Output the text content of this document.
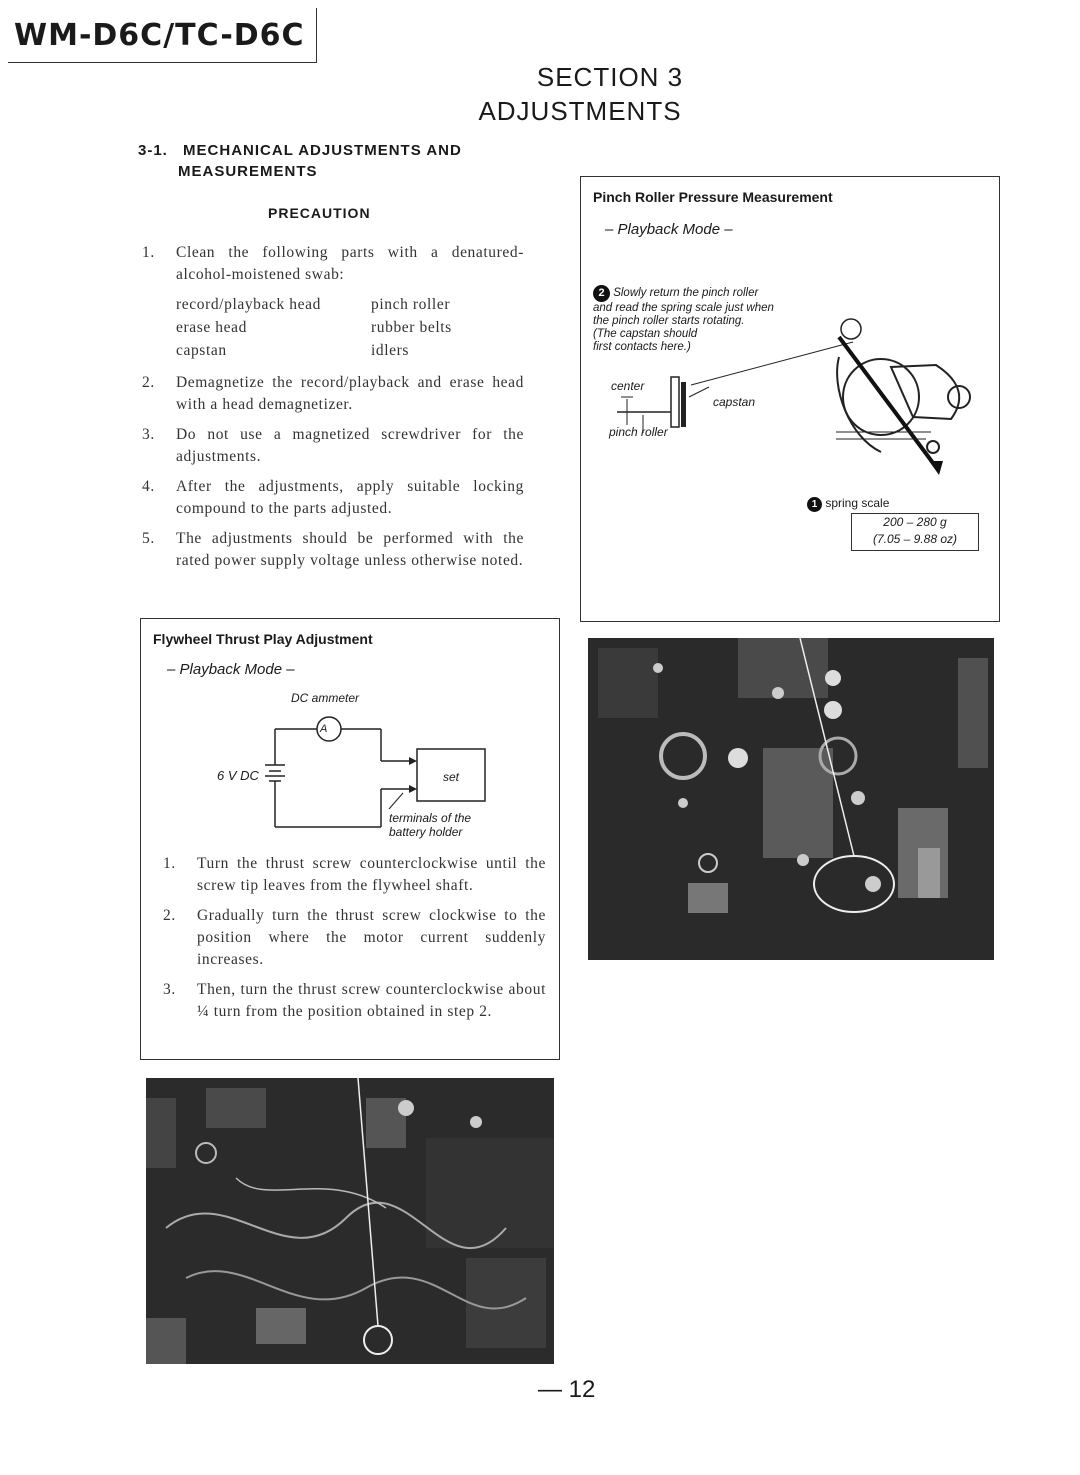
WM-D6C/TC-D6C
SECTION 3
ADJUSTMENTS
3-1. MECHANICAL ADJUSTMENTS AND
MEASUREMENTS
PRECAUTION
1. Clean the following parts with a denatured-alcohol-moistened swab:
record/playback head	pinch roller
erase head	rubber belts
capstan	idlers
2. Demagnetize the record/playback and erase head with a head demagnetizer.
3. Do not use a magnetized screwdriver for the adjustments.
4. After the adjustments, apply suitable locking compound to the parts adjusted.
5. The adjustments should be performed with the rated power supply voltage unless otherwise noted.
Pinch Roller Pressure Measurement
– Playback Mode –
2 Slowly return the pinch roller
and read the spring scale just when
the pinch roller starts rotating.
(The capstan should
first contacts here.)
center
capstan
pinch roller
1 spring scale
200 – 280 g
(7.05 – 9.88 oz)
Flywheel Thrust Play Adjustment
– Playback Mode –
DC ammeter
A
6 V DC	set
terminals of the
battery holder
1. Turn the thrust screw counterclockwise until the screw tip leaves from the flywheel shaft.
2. Gradually turn the thrust screw clockwise to the position where the motor current suddenly increases.
3. Then, turn the thrust screw counterclockwise about ¼ turn from the position obtained in step 2.
— 12
